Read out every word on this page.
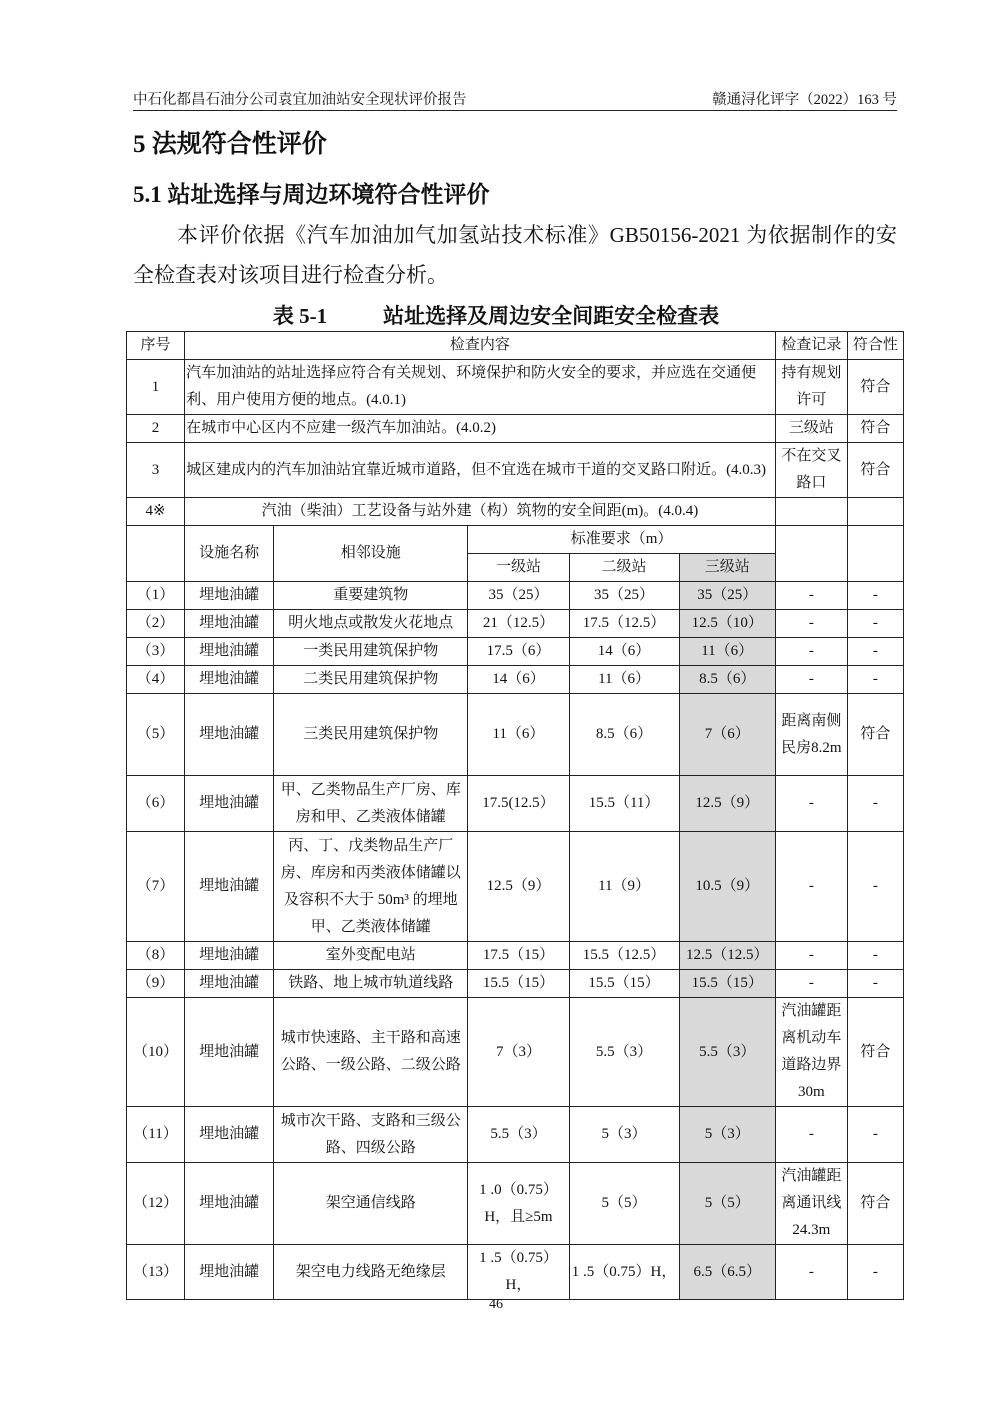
中石化都昌石油分公司袁宜加油站安全现状评价报告	赣通浔化评字（2022）163 号
5 法规符合性评价
5.1 站址选择与周边环境符合性评价
本评价依据《汽车加油加气加氢站技术标准》GB50156-2021 为依据制作的安全检查表对该项目进行检查分析。
表 5-1	站址选择及周边安全间距安全检查表
序号	检查内容					检查记录	符合性
1	汽车加油站的站址选择应符合有关规划、环境保护和防火安全的要求，并应选在交通便利、用户使用方便的地点。(4.0.1)					持有规划许可	符合
2	在城市中心区内不应建一级汽车加油站。(4.0.2)					三级站	符合
3	城区建成内的汽车加油站宜靠近城市道路，但不宜选在城市干道的交叉路口附近。(4.0.3)					不在交叉路口	符合
4※	汽油（柴油）工艺设备与站外建（构）筑物的安全间距(m)。(4.0.4)						
	设施名称	相邻设施	标准要求（m）				
			一级站	二级站	三级站		
（1）	埋地油罐	重要建筑物	35（25）	35（25）	35（25）	-	-
（2）	埋地油罐	明火地点或散发火花地点	21（12.5）	17.5（12.5）	12.5（10）	-	-
（3）	埋地油罐	一类民用建筑保护物	17.5（6）	14（6）	11（6）	-	-
（4）	埋地油罐	二类民用建筑保护物	14（6）	11（6）	8.5（6）	-	-
（5）	埋地油罐	三类民用建筑保护物	11（6）	8.5（6）	7（6）	距离南侧民房8.2m	符合
（6）	埋地油罐	甲、乙类物品生产厂房、库房和甲、乙类液体储罐	17.5(12.5）	15.5（11）	12.5（9）	-	-
（7）	埋地油罐	丙、丁、戊类物品生产厂房、库房和丙类液体储罐以及容积不大于 50m³ 的埋地甲、乙类液体储罐	12.5（9）	11（9）	10.5（9）	-	-
（8）	埋地油罐	室外变配电站	17.5（15）	15.5（12.5）	12.5（12.5）	-	-
（9）	埋地油罐	铁路、地上城市轨道线路	15.5（15）	15.5（15）	15.5（15）	-	-
（10）	埋地油罐	城市快速路、主干路和高速公路、一级公路、二级公路	7（3）	5.5（3）	5.5（3）	汽油罐距离机动车道路边界30m	符合
（11）	埋地油罐	城市次干路、支路和三级公路、四级公路	5.5（3）	5（3）	5（3）	-	-
（12）	埋地油罐	架空通信线路	1 .0（0.75）H，且≥5m	5（5）	5（5）	汽油罐距离通讯线24.3m	符合
（13）	埋地油罐	架空电力线路无绝缘层	1 .5（0.75）H，	1 .5（0.75）H，	6.5（6.5）	-	-
46
